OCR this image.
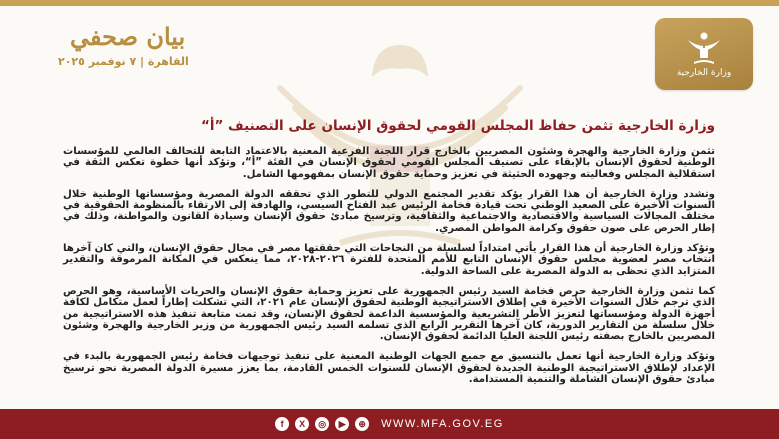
بيان صحفي
القاهرة | ٧ نوفمبر ٢٠٢٥
وزارة الخارجية
وزارة الخارجية تثمن حفاظ المجلس القومي لحقوق الإنسان على التصنيف ”أ“

تثمن وزارة الخارجية والهجرة وشئون المصريين بالخارج قرار اللجنة الفرعية المعنية بالاعتماد التابعة للتحالف العالمي للمؤسسات الوطنية لحقوق الإنسان بالإبقاء على تصنيف المجلس القومي لحقوق الإنسان في الفئة ”أ“، وتؤكد أنها خطوة تعكس الثقة في استقلالية المجلس وفعاليته وجهوده الحثيثة في تعزيز وحماية حقوق الإنسان بمفهومها الشامل.

وتشدد وزارة الخارجية أن هذا القرار يؤكد تقدير المجتمع الدولي للتطور الذي تحققه الدولة المصرية ومؤسساتها الوطنية خلال السنوات الأخيرة على الصعيد الوطني تحت قيادة فخامة الرئيس عبد الفتاح السيسي، والهادفة إلى الارتقاء بالمنظومة الحقوقية في مختلف المجالات السياسية والاقتصادية والاجتماعية والثقافية، وترسيخ مبادئ حقوق الإنسان وسيادة القانون والمواطنة، وذلك في إطار الحرص على صون حقوق وكرامة المواطن المصري.

وتؤكد وزارة الخارجية أن هذا القرار يأتي امتداداً لسلسلة من النجاحات التي حققتها مصر في مجال حقوق الإنسان، والتي كان آخرها انتخاب مصر لعضوية مجلس حقوق الإنسان التابع للأمم المتحدة للفترة ٢٠٢٦-٢٠٢٨، مما ينعكس في المكانة المرموقة والتقدير المتزايد الذي تحظى به الدولة المصرية على الساحة الدولية.

كما تثمن وزارة الخارجية حرص فخامة السيد رئيس الجمهورية على تعزيز وحماية حقوق الإنسان والحريات الأساسية، وهو الحرص الذي ترجم خلال السنوات الأخيرة في إطلاق الاستراتيجية الوطنية لحقوق الإنسان عام ٢٠٢١، التي تشكلت إطاراً لعمل متكامل لكافة أجهزة الدولة ومؤسساتها لتعزيز الأطر التشريعية والمؤسسية الداعمة لحقوق الإنسان، وقد تمت متابعة تنفيذ هذه الاستراتيجية من خلال سلسلة من التقارير الدورية، كان آخرها التقرير الرابع الذي تسلمه السيد رئيس الجمهورية من وزير الخارجية والهجرة وشئون المصريين بالخارج بصفته رئيس اللجنة العليا الدائمة لحقوق الإنسان.

وتؤكد وزارة الخارجية أنها تعمل بالتنسيق مع جميع الجهات الوطنية المعنية على تنفيذ توجيهات فخامة رئيس الجمهورية بالبدء في الإعداد لإطلاق الاستراتيجية الوطنية الجديدة لحقوق الإنسان للسنوات الخمس القادمة، بما يعزز مسيرة الدولة المصرية نحو ترسيخ مبادئ حقوق الإنسان الشاملة والتنمية المستدامة.

f	X	◎	▶	⊕ WWW.MFA.GOV.EG
